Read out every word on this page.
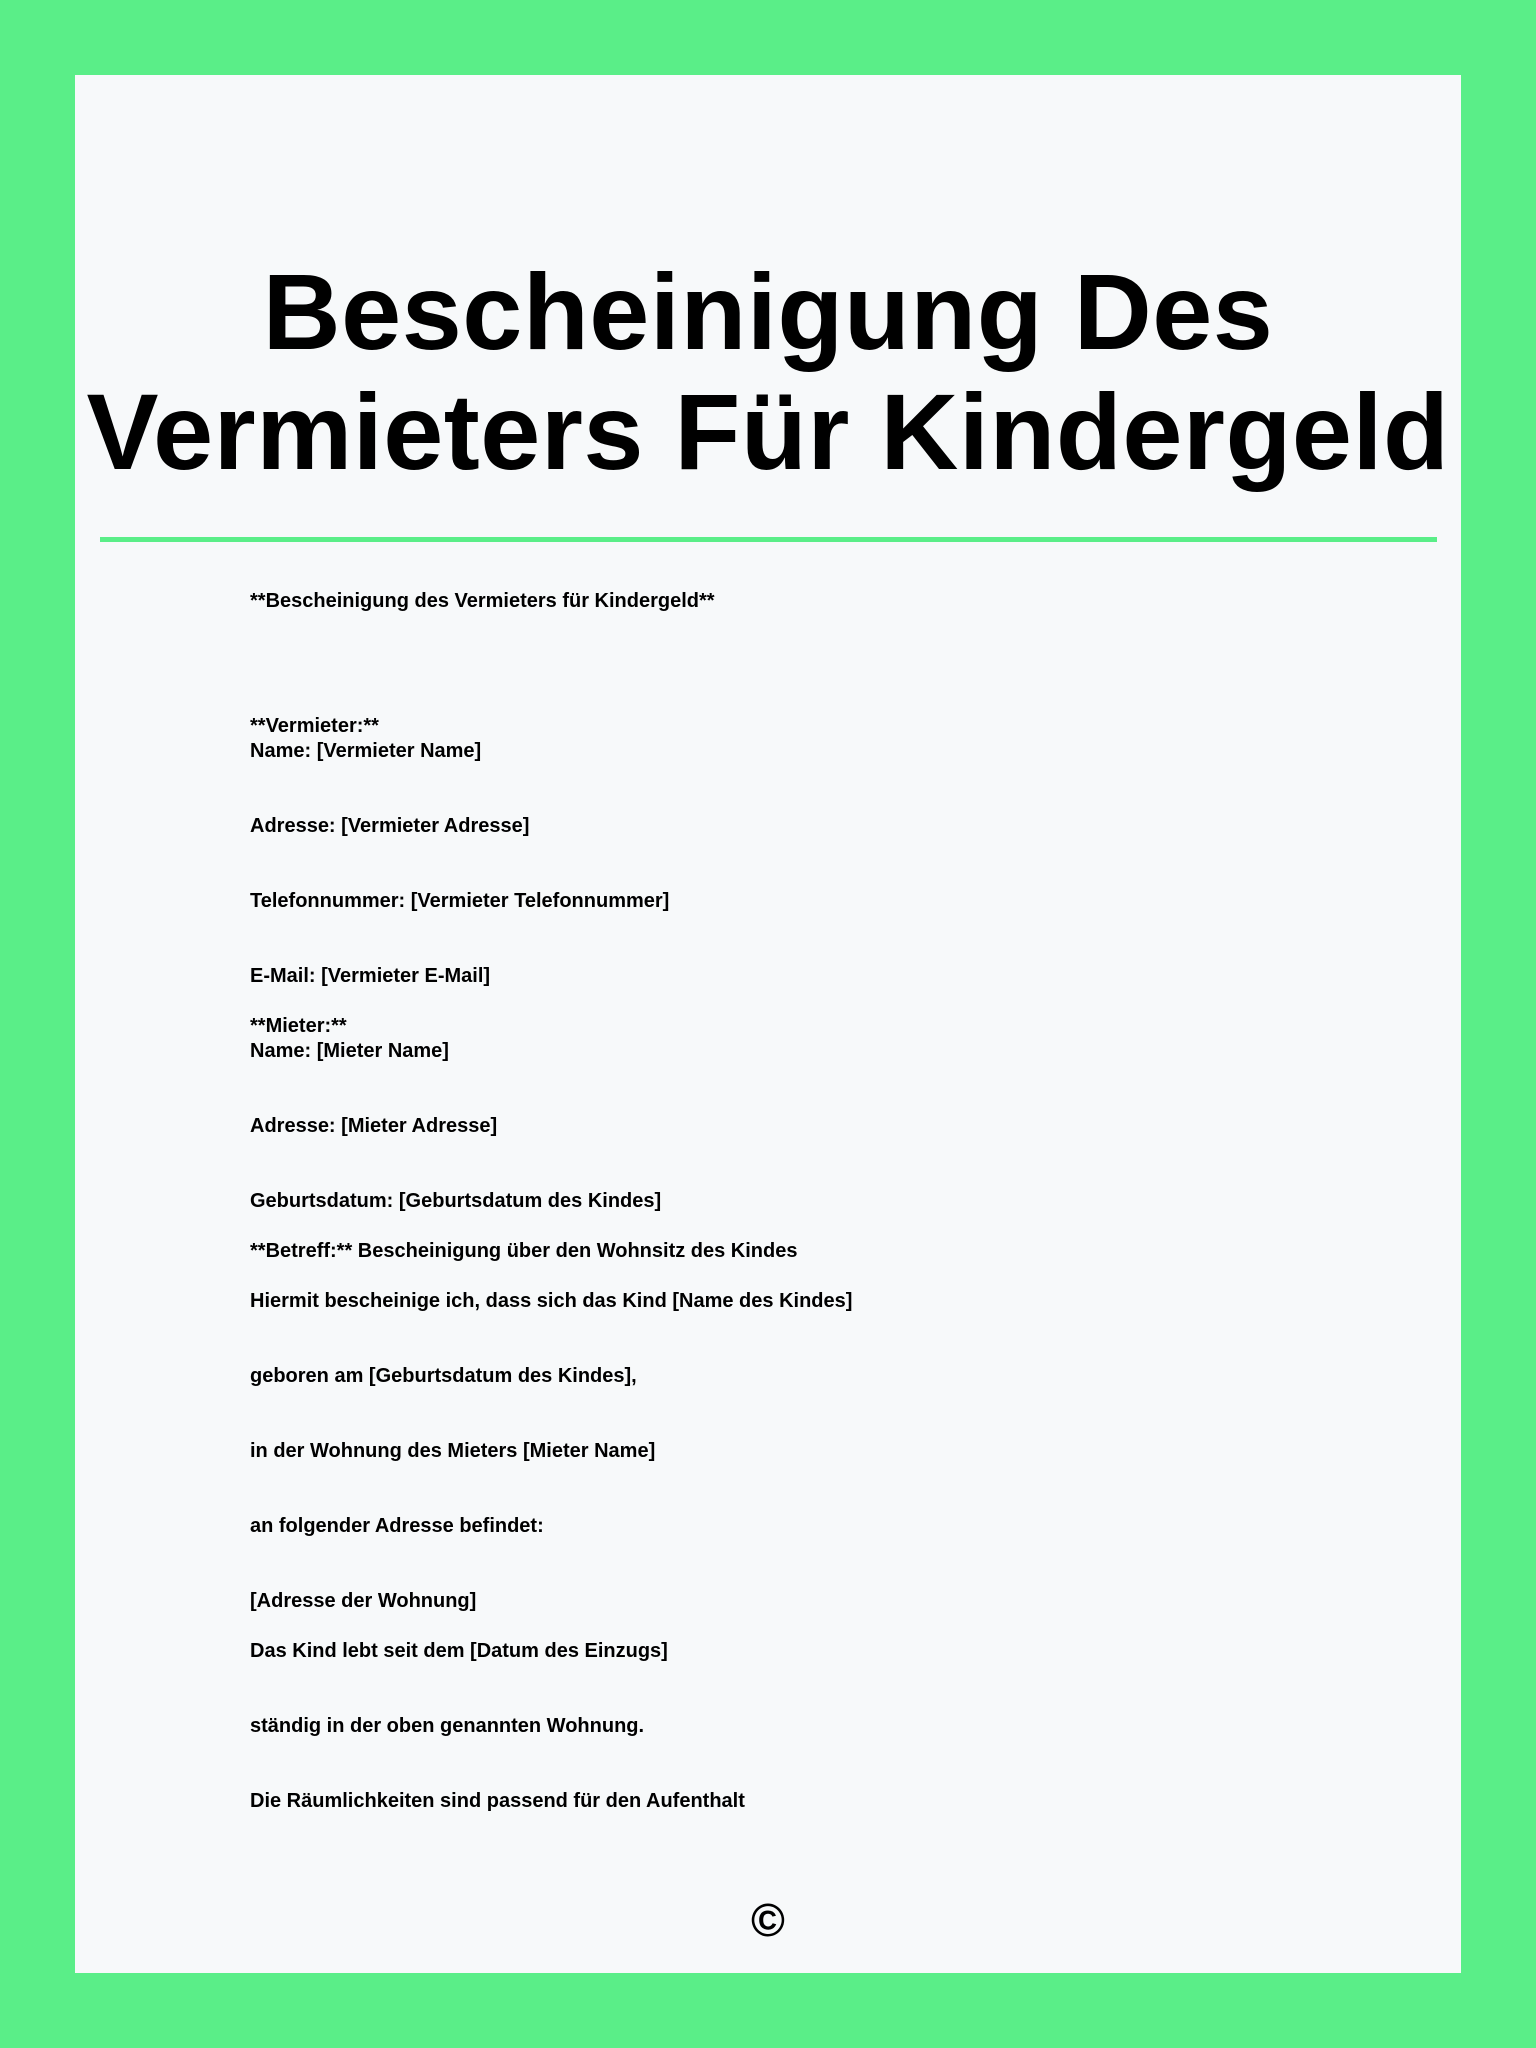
Bescheinigung Des
Vermieters Für Kindergeld

**Bescheinigung des Vermieters für Kindergeld**

**Vermieter:**

Name: [Vermieter Name]

Adresse: [Vermieter Adresse]

Telefonnummer: [Vermieter Telefonnummer]

E-Mail: [Vermieter E-Mail]

**Mieter:**

Name: [Mieter Name]

Adresse: [Mieter Adresse]

Geburtsdatum: [Geburtsdatum des Kindes]

**Betreff:** Bescheinigung über den Wohnsitz des Kindes

Hiermit bescheinige ich, dass sich das Kind [Name des Kindes]

geboren am [Geburtsdatum des Kindes],

in der Wohnung des Mieters [Mieter Name]

an folgender Adresse befindet:

[Adresse der Wohnung]

Das Kind lebt seit dem [Datum des Einzugs]

ständig in der oben genannten Wohnung.

Die Räumlichkeiten sind passend für den Aufenthalt

©
